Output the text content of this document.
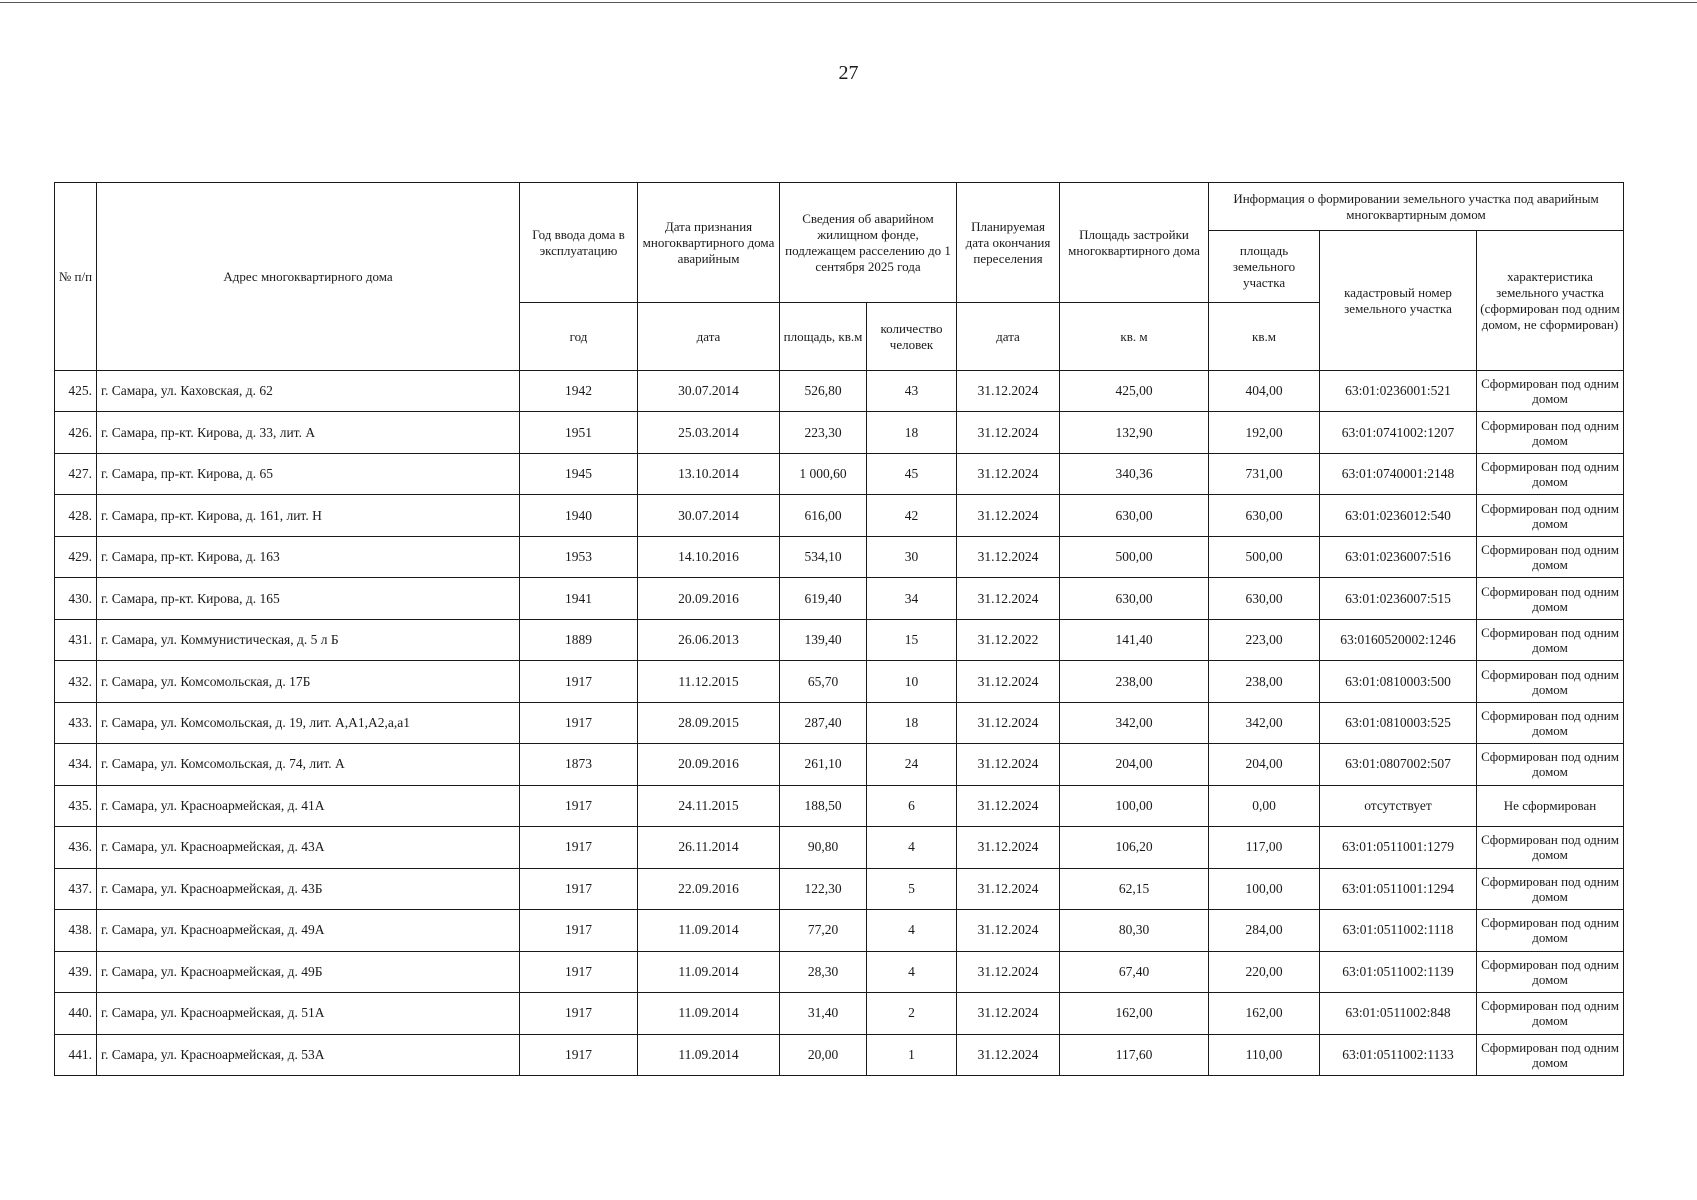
27
№ п/п	Адрес многоквартирного дома	Год ввода дома в эксплуатацию	Дата признания многоквартирного дома аварийным	Сведения об аварийном жилищном фонде, подлежащем расселению до 1 сентября 2025 года		Планируемая дата окончания переселения	Площадь застройки многоквартирного дома	Информация о формировании земельного участка под аварийным многоквартирным домом		
								площадь земельного участка	кадастровый номер земельного участка	характеристика земельного участка (сформирован под одним домом, не сформирован)
		год	дата	площадь, кв.м	количество человек	дата	кв. м	кв.м		
425.	г. Самара, ул. Каховская, д. 62	1942	30.07.2014	526,80	43	31.12.2024	425,00	404,00	63:01:0236001:521	Сформирован под одним домом
426.	г. Самара, пр-кт. Кирова, д. 33, лит. А	1951	25.03.2014	223,30	18	31.12.2024	132,90	192,00	63:01:0741002:1207	Сформирован под одним домом
427.	г. Самара, пр-кт. Кирова, д. 65	1945	13.10.2014	1 000,60	45	31.12.2024	340,36	731,00	63:01:0740001:2148	Сформирован под одним домом
428.	г. Самара, пр-кт. Кирова, д. 161, лит. Н	1940	30.07.2014	616,00	42	31.12.2024	630,00	630,00	63:01:0236012:540	Сформирован под одним домом
429.	г. Самара, пр-кт. Кирова, д. 163	1953	14.10.2016	534,10	30	31.12.2024	500,00	500,00	63:01:0236007:516	Сформирован под одним домом
430.	г. Самара, пр-кт. Кирова, д. 165	1941	20.09.2016	619,40	34	31.12.2024	630,00	630,00	63:01:0236007:515	Сформирован под одним домом
431.	г. Самара, ул. Коммунистическая, д. 5 л Б	1889	26.06.2013	139,40	15	31.12.2022	141,40	223,00	63:0160520002:1246	Сформирован под одним домом
432.	г. Самара, ул. Комсомольская, д. 17Б	1917	11.12.2015	65,70	10	31.12.2024	238,00	238,00	63:01:0810003:500	Сформирован под одним домом
433.	г. Самара, ул. Комсомольская, д. 19, лит. А,А1,А2,а,а1	1917	28.09.2015	287,40	18	31.12.2024	342,00	342,00	63:01:0810003:525	Сформирован под одним домом
434.	г. Самара, ул. Комсомольская, д. 74, лит. А	1873	20.09.2016	261,10	24	31.12.2024	204,00	204,00	63:01:0807002:507	Сформирован под одним домом
435.	г. Самара, ул. Красноармейская, д. 41А	1917	24.11.2015	188,50	6	31.12.2024	100,00	0,00	отсутствует	Не сформирован
436.	г. Самара, ул. Красноармейская, д. 43А	1917	26.11.2014	90,80	4	31.12.2024	106,20	117,00	63:01:0511001:1279	Сформирован под одним домом
437.	г. Самара, ул. Красноармейская, д. 43Б	1917	22.09.2016	122,30	5	31.12.2024	62,15	100,00	63:01:0511001:1294	Сформирован под одним домом
438.	г. Самара, ул. Красноармейская, д. 49А	1917	11.09.2014	77,20	4	31.12.2024	80,30	284,00	63:01:0511002:1118	Сформирован под одним домом
439.	г. Самара, ул. Красноармейская, д. 49Б	1917	11.09.2014	28,30	4	31.12.2024	67,40	220,00	63:01:0511002:1139	Сформирован под одним домом
440.	г. Самара, ул. Красноармейская, д. 51А	1917	11.09.2014	31,40	2	31.12.2024	162,00	162,00	63:01:0511002:848	Сформирован под одним домом
441.	г. Самара, ул. Красноармейская, д. 53А	1917	11.09.2014	20,00	1	31.12.2024	117,60	110,00	63:01:0511002:1133	Сформирован под одним домом
